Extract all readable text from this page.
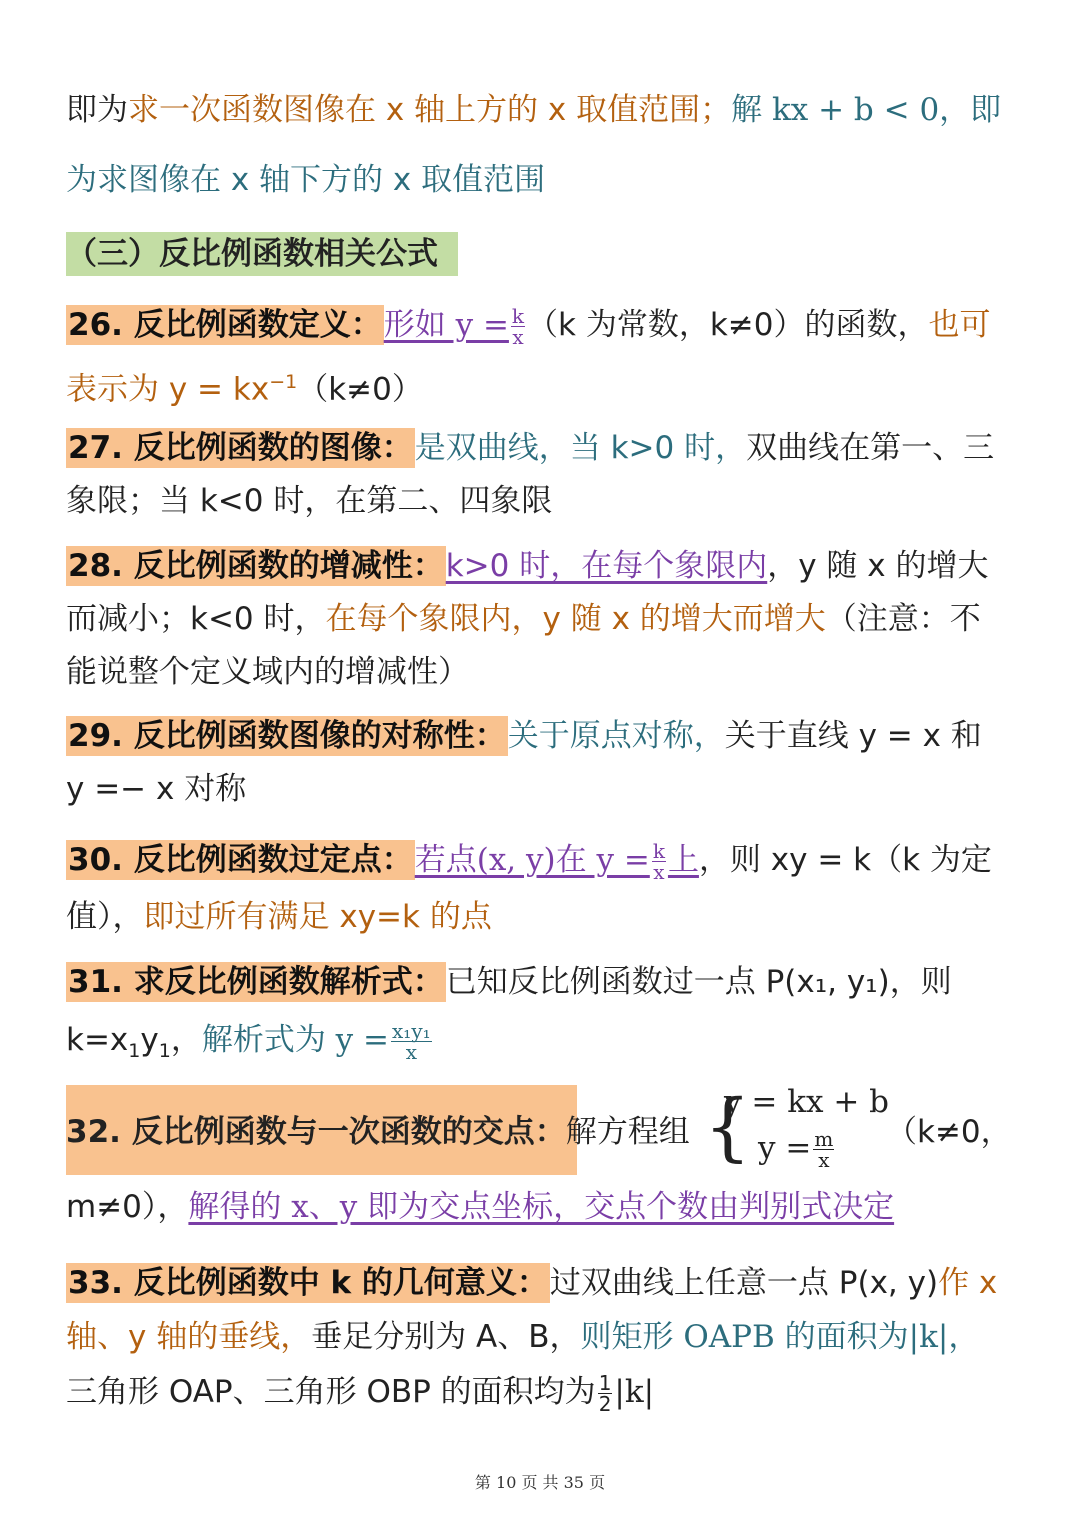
即为求一次函数图像在 x 轴上方的 x 取值范围；解 kx + b < 0，即
为求图像在 x 轴下方的 x 取值范围
（三）反比例函数相关公式
26. 反比例函数定义：形如 $y = \frac{k}{x} (k$ 为常数，k≠0）的函数，也可
表示为 $y = kx^{-1}(k\ne 0)$
27. 反比例函数的图像：是双曲线，当 k>0 时，双曲线在第一、三
象限；当 k<0 时，在第二、四象限
28. 反比例函数的增减性：k>0 时，在每个象限内，y 随 x 的增大
而减小；k<0 时，在每个象限内，y 随 x 的增大而增大（注意：不
能说整个定义域内的增减性）
29. 反比例函数图像的对称性：关于原点对称，关于直线 y = x 和
y =− x 对称
30. 反比例函数过定点：若点(x, y)在 $y = \frac{k}{x}$ 上，则 xy = k（k 为定
值），即过所有满足 xy=k 的点
31. 求反比例函数解析式：已知反比例函数过一点 P(x₁, y₁)，则
$k=x_1y_1$，解析式为 $y = \frac{\text{x₁y₁}}{x}$
32. 反比例函数与一次函数的交点：解方程组 {
y = kx + b
$y = \frac{m}{x} (k\ne 0$，
m≠0），解得的 x、y 即为交点坐标，交点个数由判别式决定
33. 反比例函数中 k 的几何意义：过双曲线上任意一点 P(x, y)作 x
轴、y 轴的垂线，垂足分别为 A、B，则矩形 OAPB 的面积为|k|，
三角形 OAP、三角形 OBP 的面积均为 $\frac{1}{2} |k|$
第 10 页 共 35 页
